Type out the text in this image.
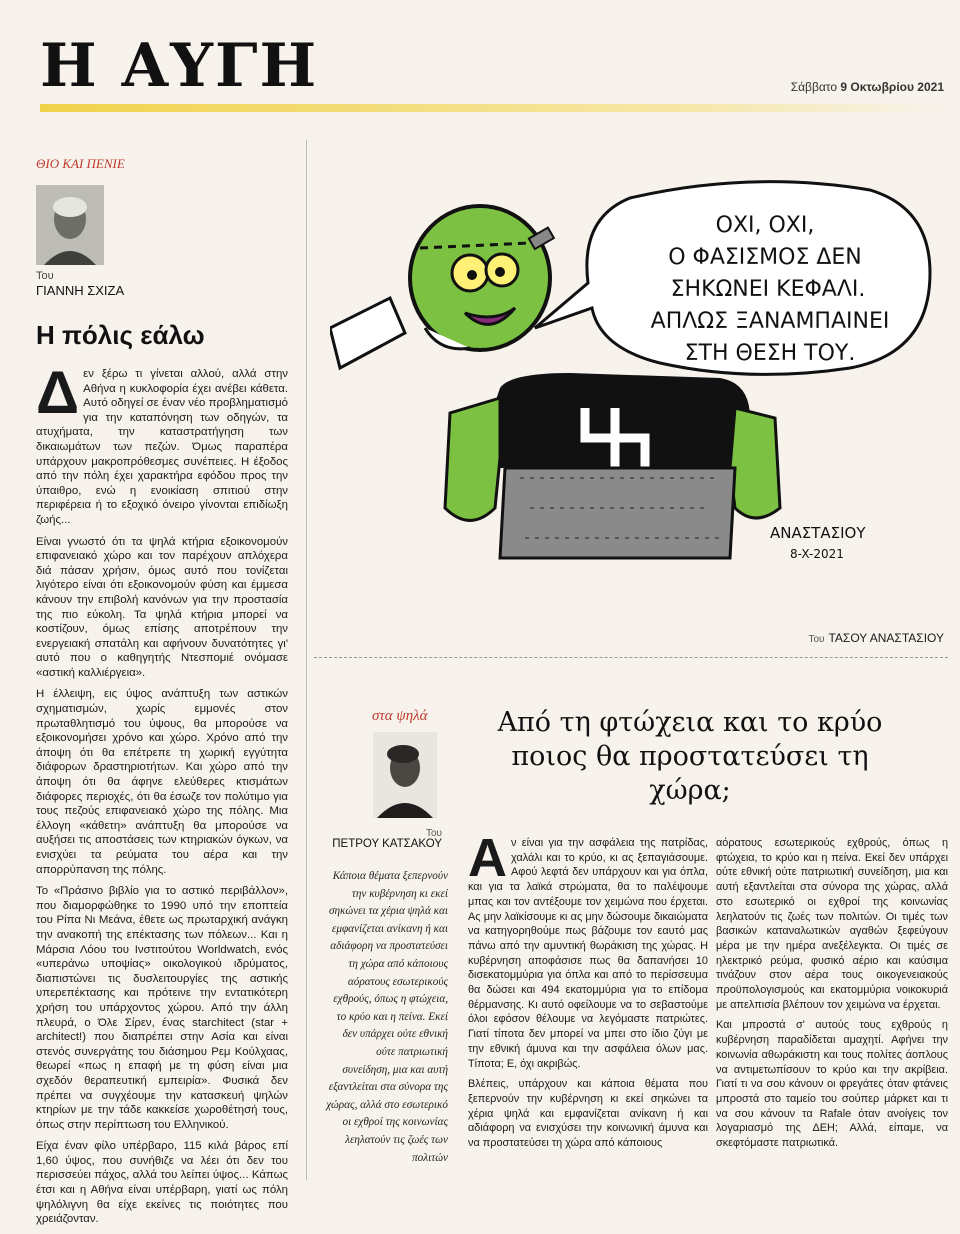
Η ΑΥΓΗ	Σάββατο 9 Οκτωβρίου 2021
ΘΙΟ ΚΑΙ ΠΕΝΙΕ
Του
ΓΙΑΝΝΗ ΣΧΙΖΑ
Η πόλις εάλω

Δεν ξέρω τι γίνεται αλλού, αλλά στην Αθήνα η κυκλοφορία έχει ανέβει κάθετα. Αυτό οδηγεί σε έναν νέο προβληματισμό για την καταπόνηση των οδηγών, τα ατυχήματα, την καταστρατήγηση των δικαιωμάτων των πεζών. Όμως παραπέρα υπάρχουν μακροπρόθεσμες συνέπειες. Η έξοδος από την πόλη έχει χαρακτήρα εφόδου προς την ύπαιθρο, ενώ η ενοικίαση σπιτιού στην περιφέρεια ή το εξοχικό όνειρο γίνονται επιδίωξη ζωής...

Είναι γνωστό ότι τα ψηλά κτήρια εξοικονομούν επιφανειακό χώρο και τον παρέχουν απλόχερα διά πάσαν χρήσιν, όμως αυτό που τονίζεται λιγότερο είναι ότι εξοικονομούν φύση και έμμεσα κάνουν την επιβολή κανόνων για την προστασία της πιο εύκολη. Τα ψηλά κτήρια μπορεί να κοστίζουν, όμως επίσης αποτρέπουν την ενεργειακή σπατάλη και αφήνουν δυνατότητες γι' αυτό που ο καθηγητής Ντεσπομιέ ονόμασε «αστική καλλιέργεια».

Η έλλειψη, εις ύψος ανάπτυξη των αστικών σχηματισμών, χωρίς εμμονές στον πρωταθλητισμό του ύψους, θα μπορούσε να εξοικονομήσει χρόνο και χώρο. Χρόνο από την άποψη ότι θα επέτρεπε τη χωρική εγγύτητα διάφορων δραστηριοτήτων. Και χώρο από την άποψη ότι θα άφηνε ελεύθερες κτισμάτων διάφορες περιοχές, ότι θα έσωζε τον πολύτιμο για τους πεζούς επιφανειακό χώρο της πόλης. Μια έλλογη «κάθετη» ανάπτυξη θα μπορούσε να αυξήσει τις αποστάσεις των κτηριακών όγκων, να ενισχύει τα ρεύματα του αέρα και την απορρύπανση της πόλης.

Το «Πράσινο βιβλίο για το αστικό περιβάλλον», που διαμορφώθηκε το 1990 υπό την εποπτεία του Ρίπα Νι Μεάνα, έθετε ως πρωταρχική ανάγκη την ανακοπή της επέκτασης των πόλεων... Και η Μάρσια Λόου του Ινστιτούτου Worldwatch, ενός «υπεράνω υποψίας» οικολογικού ιδρύματος, διαπιστώνει τις δυσλειτουργίες της αστικής υπερεπέκτασης και πρότεινε την εντατικότερη χρήση του υπάρχοντος χώρου. Από την άλλη πλευρά, ο Όλε Σίρεν, ένας starchitect (star + architect!) που διαπρέπει στην Ασία και είναι στενός συνεργάτης του διάσημου Ρεμ Κούλχαας, θεωρεί «πως η επαφή με τη φύση είναι μια σχεδόν θεραπευτική εμπειρία». Φυσικά δεν πρέπει να συγχέουμε την κατασκευή ψηλών κτηρίων με την τάδε κακκείσε χωροθέτησή τους, όπως στην περίπτωση του Ελληνικού.

Είχα έναν φίλο υπέρβαρο, 115 κιλά βάρος επί 1,60 ύψος, που συνήθιζε να λέει ότι δεν του περισσεύει πάχος, αλλά του λείπει ύψος... Κάπως έτσι και η Αθήνα είναι υπέρβαρη, γιατί ως πόλη ψηλόλιγνη θα είχε εκείνες τις ποιότητες που χρειάζονταν.

ΟΧΙ, ΟΧΙ,
Ο ΦΑΣΙΣΜΟΣ ΔΕΝ
ΣΗΚΩΝΕΙ ΚΕΦΑΛΙ.
ΑΠΛΩΣ ΞΑΝΑΜΠΑΙΝΕΙ
ΣΤΗ ΘΕΣΗ ΤΟΥ.
ΑΝΑΣΤΑΣΙΟΥ
8-X-2021
Του ΤΑΣΟΥ ΑΝΑΣΤΑΣΙΟΥ
στα ψηλά	Από τη φτώχεια και το κρύο ποιος θα προστατεύσει τη χώρα;
Του
ΠΕΤΡΟΥ ΚΑΤΣΑΚΟΥ
Κάποια θέματα ξεπερνούν την κυβέρνηση κι εκεί σηκώνει τα χέρια ψηλά και εμφανίζεται ανίκανη ή και αδιάφορη να προστατεύσει τη χώρα από κάποιους αόρατους εσωτερικούς εχθρούς, όπως η φτώχεια, το κρύο και η πείνα. Εκεί δεν υπάρχει ούτε εθνική ούτε πατριωτική συνείδηση, μια και αυτή εξαντλείται στα σύνορα της χώρας, αλλά στο εσωτερικό οι εχθροί της κοινωνίας λεηλατούν τις ζωές των πολιτών

Αν είναι για την ασφάλεια της πατρίδας, χαλάλι και το κρύο, κι ας ξεπαγιάσουμε. Αφού λεφτά δεν υπάρχουν και για όπλα, και για τα λαϊκά στρώματα, θα το παλέψουμε μπας και τον αντέξουμε τον χειμώνα που έρχεται. Ας μην λαϊκίσουμε κι ας μην δώσουμε δικαιώματα να κατηγορηθούμε πως βάζουμε τον εαυτό μας πάνω από την αμυντική θωράκιση της χώρας. Η κυβέρνηση αποφάσισε πως θα δαπανήσει 10 δισεκατομμύρια για όπλα και από το περίσσευμα θα δώσει και 494 εκατομμύρια για το επίδομα θέρμανσης. Κι αυτό οφείλουμε να το σεβαστούμε όλοι εφόσον θέλουμε να λεγόμαστε πατριώτες. Γιατί τίποτα δεν μπορεί να μπει στο ίδιο ζύγι με την εθνική άμυνα και την ασφάλεια όλων μας. Τίποτα; Ε, όχι ακριβώς.

Βλέπεις, υπάρχουν και κάποια θέματα που ξεπερνούν την κυβέρνηση κι εκεί σηκώνει τα χέρια ψηλά και εμφανίζεται ανίκανη ή και αδιάφορη να ενισχύσει την κοινωνική άμυνα και να προστατεύσει τη χώρα από κάποιους

αόρατους εσωτερικούς εχθρούς, όπως η φτώχεια, το κρύο και η πείνα. Εκεί δεν υπάρχει ούτε εθνική ούτε πατριωτική συνείδηση, μια και αυτή εξαντλείται στα σύνορα της χώρας, αλλά στο εσωτερικό οι εχθροί της κοινωνίας λεηλατούν τις ζωές των πολιτών. Οι τιμές των βασικών καταναλωτικών αγαθών ξεφεύγουν μέρα με την ημέρα ανεξέλεγκτα. Οι τιμές σε ηλεκτρικό ρεύμα, φυσικό αέριο και καύσιμα τινάζουν στον αέρα τους οικογενειακούς προϋπολογισμούς και εκατομμύρια νοικοκυριά με απελπισία βλέπουν τον χειμώνα να έρχεται.

Και μπροστά σ' αυτούς τους εχθρούς η κυβέρνηση παραδίδεται αμαχητί. Αφήνει την κοινωνία αθωράκιστη και τους πολίτες άοπλους να αντιμετωπίσουν το κρύο και την ακρίβεια. Γιατί τι να σου κάνουν οι φρεγάτες όταν φτάνεις μπροστά στο ταμείο του σούπερ μάρκετ και τι να σου κάνουν τα Rafale όταν ανοίγεις τον λογαριασμό της ΔΕΗ; Αλλά, είπαμε, να σκεφτόμαστε πατριωτικά.
